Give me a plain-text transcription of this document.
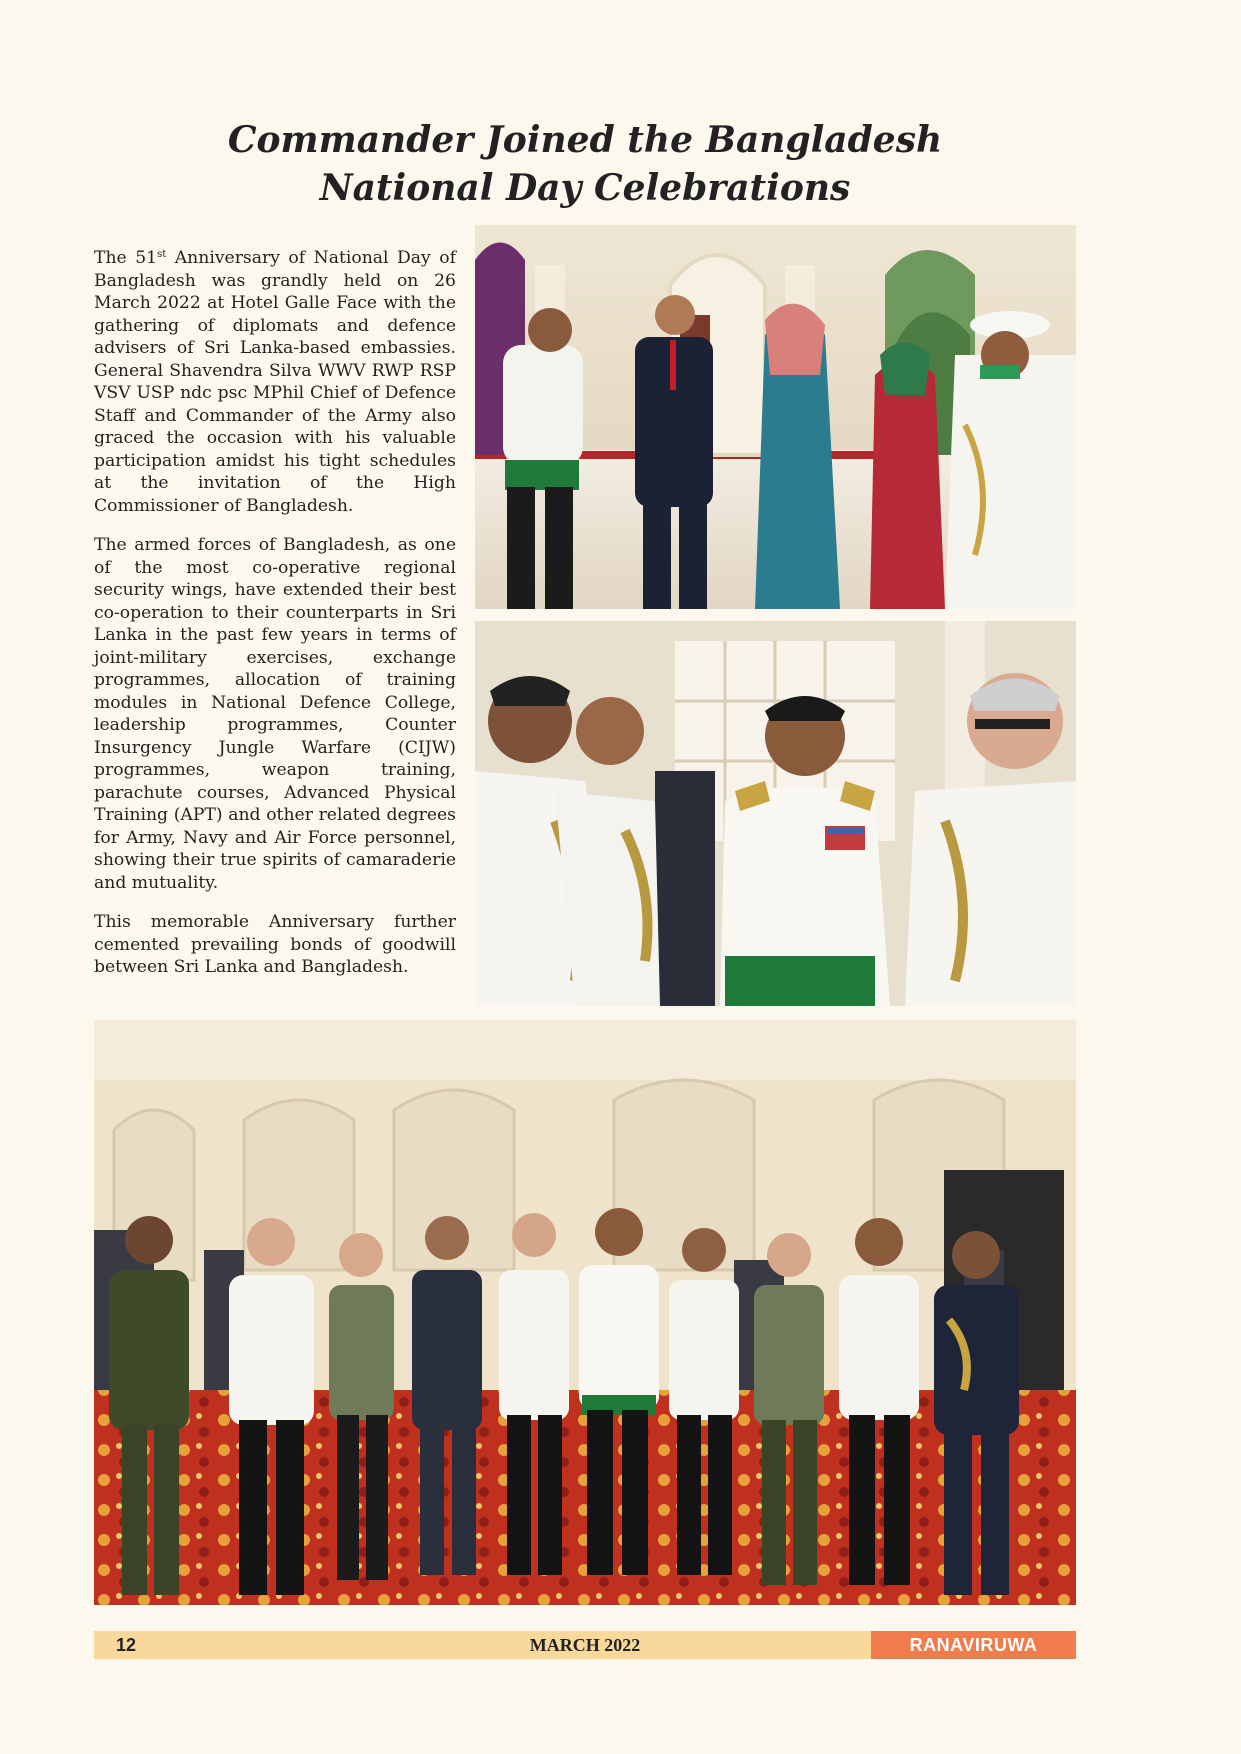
Commander Joined the Bangladesh
National Day Celebrations

The 51st Anniversary of National Day of Bangladesh was grandly held on 26 March 2022 at Hotel Galle Face with the gathering of diplomats and defence advisers of Sri Lanka-based embassies. General Shavendra Silva WWV RWP RSP VSV USP ndc psc MPhil Chief of Defence Staff and Commander of the Army also graced the occasion with his valuable participation amidst his tight schedules at the invitation of the High Commissioner of Bangladesh.

The armed forces of Bangladesh, as one of the most co-operative regional security wings, have extended their best co-operation to their counterparts in Sri Lanka in the past few years in terms of joint-military exercises, exchange programmes, allocation of training modules in National Defence College, leadership programmes, Counter Insurgency Jungle Warfare (CIJW) programmes, weapon training, parachute courses, Advanced Physical Training (APT) and other related degrees for Army, Navy and Air Force personnel, showing their true spirits of camaraderie and mutuality.

This memorable Anniversary further cemented prevailing bonds of goodwill between Sri Lanka and Bangladesh.

12	MARCH 2022	RANAVIRUWA
